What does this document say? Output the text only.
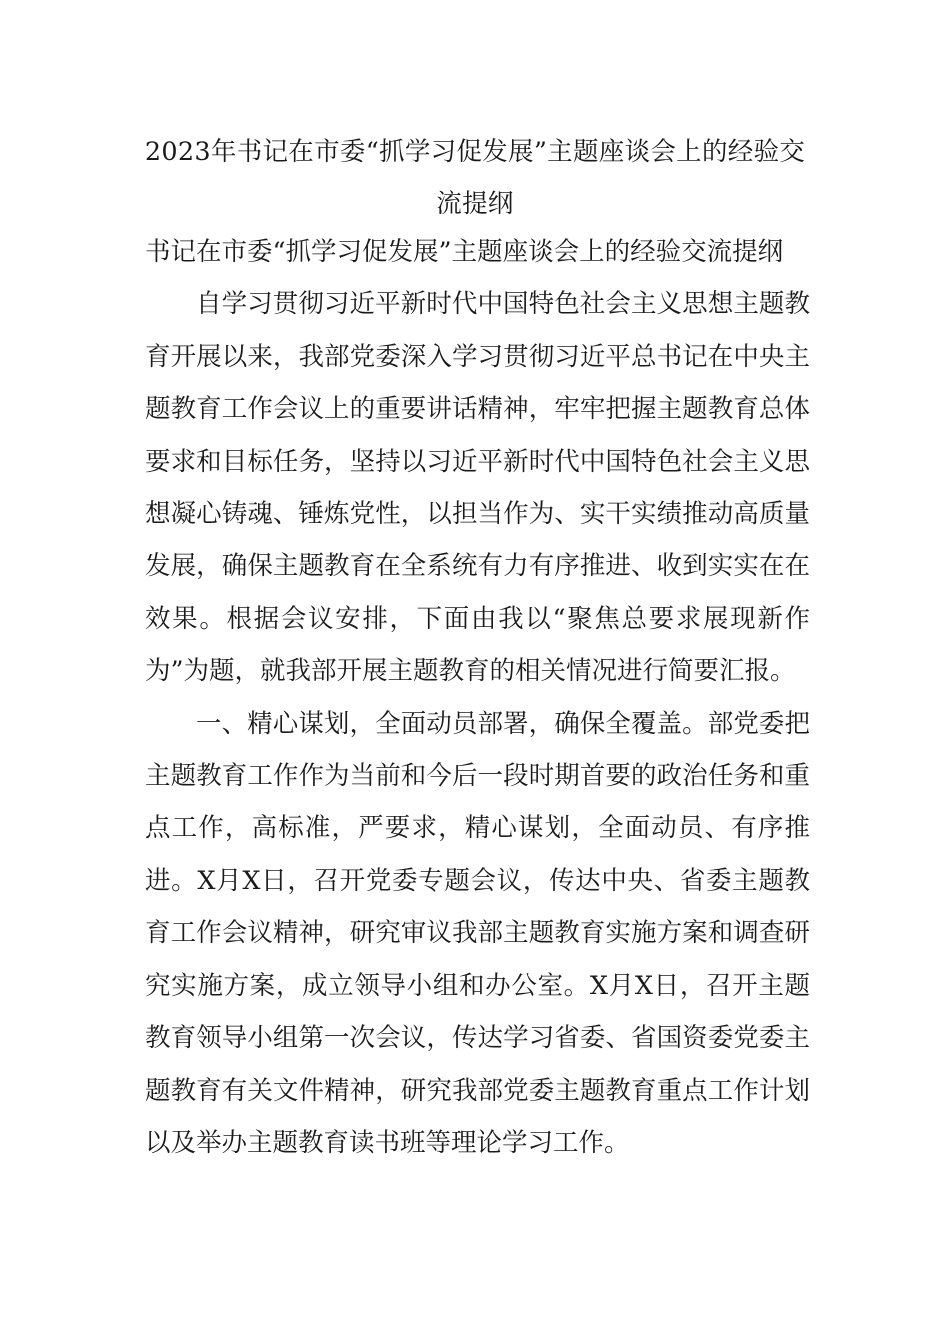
2023年书记在市委“抓学习促发展”主题座谈会上的经验交流提纲

书记在市委“抓学习促发展”主题座谈会上的经验交流提纲

自学习贯彻习近平新时代中国特色社会主义思想主题教育开展以来，我部党委深入学习贯彻习近平总书记在中央主题教育工作会议上的重要讲话精神，牢牢把握主题教育总体要求和目标任务，坚持以习近平新时代中国特色社会主义思想凝心铸魂、锤炼党性，以担当作为、实干实绩推动高质量发展，确保主题教育在全系统有力有序推进、收到实实在在效果。根据会议安排，下面由我以“聚焦总要求展现新作为”为题，就我部开展主题教育的相关情况进行简要汇报。

一、精心谋划，全面动员部署，确保全覆盖。部党委把主题教育工作作为当前和今后一段时期首要的政治任务和重点工作，高标准，严要求，精心谋划，全面动员、有序推进。X月X日，召开党委专题会议，传达中央、省委主题教育工作会议精神，研究审议我部主题教育实施方案和调查研究实施方案，成立领导小组和办公室。X月X日，召开主题教育领导小组第一次会议，传达学习省委、省国资委党委主题教育有关文件精神，研究我部党委主题教育重点工作计划以及举办主题教育读书班等理论学习工作。
